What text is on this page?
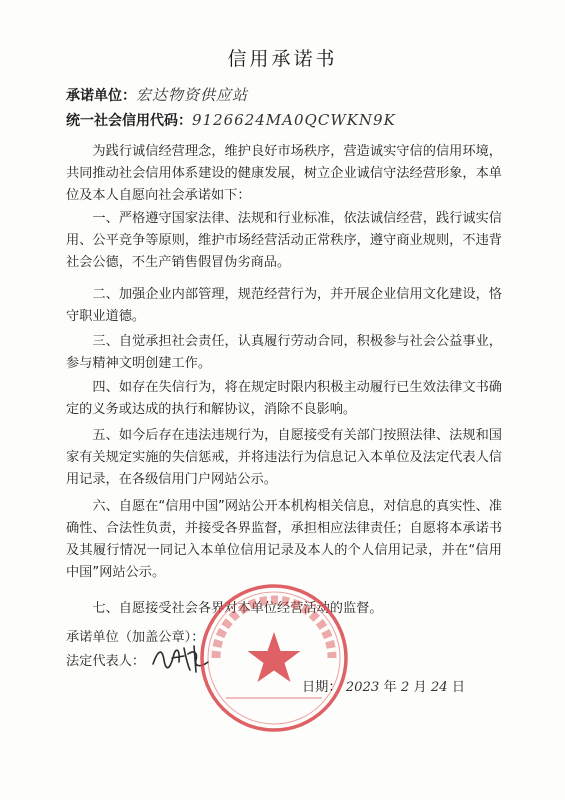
信用承诺书
承诺单位：宏达物资供应站
统一社会信用代码：9126624MA0QCWKN9K
为践行诚信经营理念，维护良好市场秩序，营造诚实守信的信用环境，共同推动社会信用体系建设的健康发展，树立企业诚信守法经营形象，本单位及本人自愿向社会承诺如下：
一、严格遵守国家法律、法规和行业标准，依法诚信经营，践行诚实信用、公平竞争等原则，维护市场经营活动正常秩序，遵守商业规则，不违背社会公德，不生产销售假冒伪劣商品。
二、加强企业内部管理，规范经营行为，并开展企业信用文化建设，恪守职业道德。
三、自觉承担社会责任，认真履行劳动合同，积极参与社会公益事业，参与精神文明创建工作。
四、如存在失信行为，将在规定时限内积极主动履行已生效法律文书确定的义务或达成的执行和解协议，消除不良影响。
五、如今后存在违法违规行为，自愿接受有关部门按照法律、法规和国家有关规定实施的失信惩戒，并将违法行为信息记入本单位及法定代表人信用记录，在各级信用门户网站公示。
六、自愿在“信用中国”网站公开本机构相关信息，对信息的真实性、准确性、合法性负责，并接受各界监督，承担相应法律责任；自愿将本承诺书及其履行情况一同记入本单位信用记录及本人的个人信用记录，并在“信用中国”网站公示。
七、自愿接受社会各界对本单位经营活动的监督。
承诺单位（加盖公章）：
法定代表人：
日期： 2023 年 2 月 24 日
